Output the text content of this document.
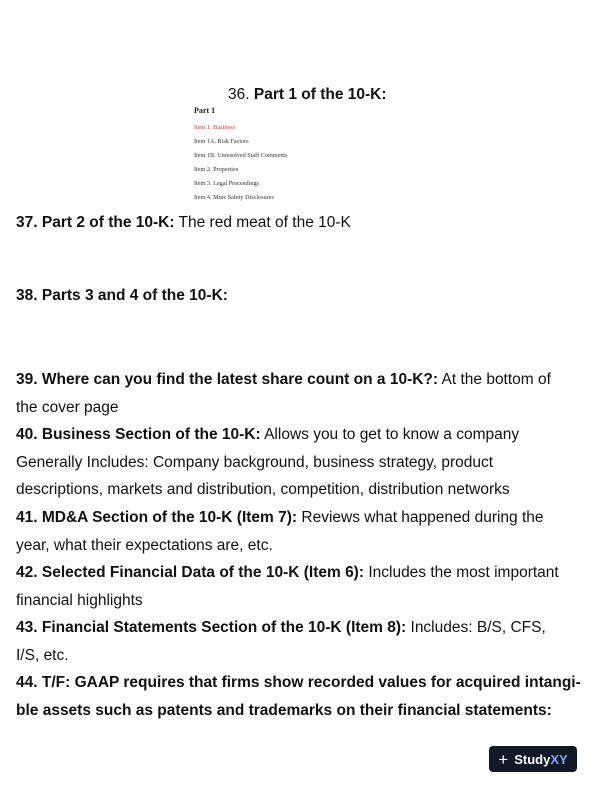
36. Part 1 of the 10-K:
Part 1
Item 1. Business
Item 1A. Risk Factors
Item 1B. Unresolved Staff Comments
Item 2. Properties
Item 3. Legal Proceedings
Item 4. Mine Safety Disclosures
37. Part 2 of the 10-K: The red meat of the 10-K
38. Parts 3 and 4 of the 10-K:
39. Where can you find the latest share count on a 10-K?: At the bottom of
the cover page
40. Business Section of the 10-K: Allows you to get to know a company
Generally Includes: Company background, business strategy, product
descriptions, markets and distribution, competition, distribution networks
41. MD&A Section of the 10-K (Item 7): Reviews what happened during the
year, what their expectations are, etc.
42. Selected Financial Data of the 10-K (Item 6): Includes the most important
financial highlights
43. Financial Statements Section of the 10-K (Item 8): Includes: B/S, CFS,
I/S, etc.
44. T/F: GAAP requires that firms show recorded values for acquired intangi-
ble assets such as patents and trademarks on their financial statements:
+ StudyXY
